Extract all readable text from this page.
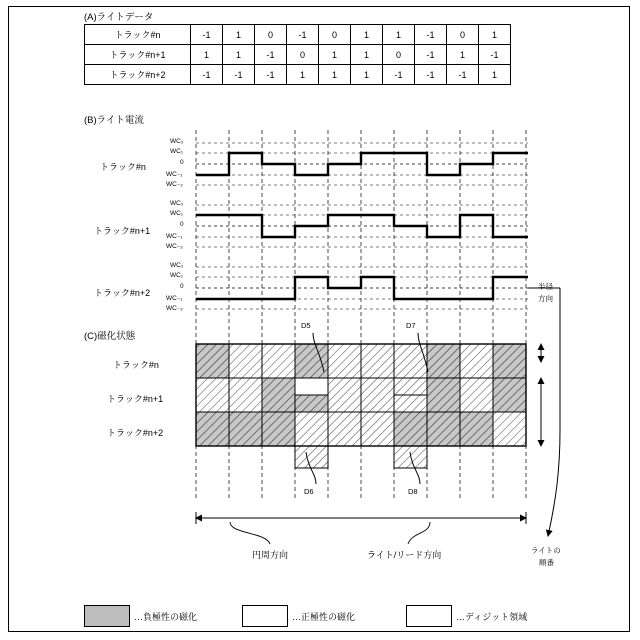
(A)ライトデータ
トラック#n	-1	1	0	-1	0	1	1	-1	0	1
トラック#n+1	1	1	-1	0	1	1	0	-1	1	-1
トラック#n+2	-1	-1	-1	1	1	1	-1	-1	-1	1
(B)ライト電流
トラック#n
トラック#n+1
トラック#n+2
WC₂
WC₁
0
WC₋₁
WC₋₂
WC₂
WC₁
0
WC₋₁
WC₋₂
WC₂
WC₁
0
WC₋₁
WC₋₂
(C)磁化状態
トラック#n
トラック#n+1
トラック#n+2
D5	D7
D6	D8
半径
方向
円周方向	ライト/リード方向	ライトの
順番
…負極性の磁化	…正極性の磁化	…ディジット領域
